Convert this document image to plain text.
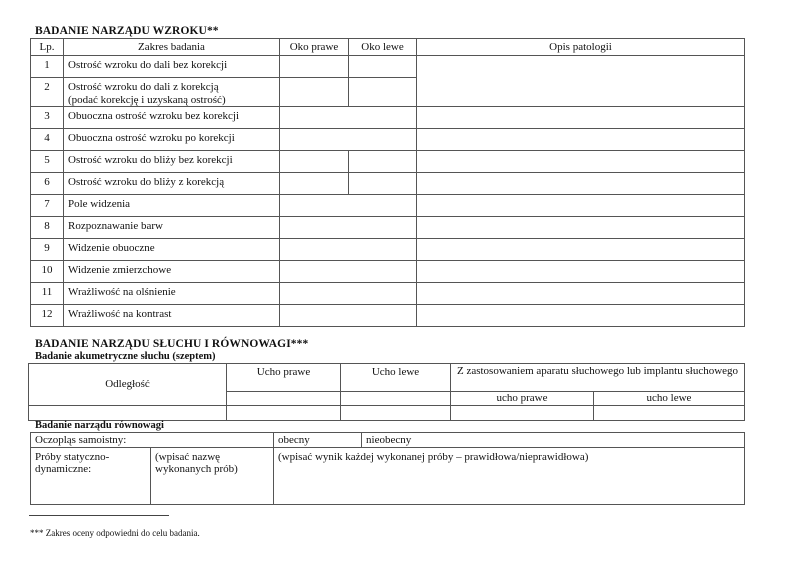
BADANIE NARZĄDU WZROKU**
Lp.	Zakres badania	Oko prawe	Oko lewe	Opis patologii
1	Ostrość wzroku do dali bez korekcji			
2	Ostrość wzroku do dali z korekcją
(podać korekcję i uzyskaną ostrość)			

3	Obuoczna ostrość wzroku bez korekcji			
4	Obuoczna ostrość wzroku po korekcji			
5	Ostrość wzroku do bliży bez korekcji			
6	Ostrość wzroku do bliży z korekcją			
7	Pole widzenia			
8	Rozpoznawanie barw			
9	Widzenie obuoczne			
10	Widzenie zmierzchowe			
11	Wrażliwość na olśnienie			
12	Wrażliwość na kontrast			
BADANIE NARZĄDU SŁUCHU I RÓWNOWAGI***
Badanie akumetryczne słuchu (szeptem)
Odległość	Ucho prawe	Ucho lewe	Z zastosowaniem aparatu słuchowego lub implantu słuchowego	
			ucho prawe	ucho lewe

Badanie narządu równowagi
Oczopląs samoistny:		obecny	nieobecny
Próby statyczno-dynamiczne:	(wpisać nazwę wykonanych prób)	(wpisać wynik każdej wykonanej próby – prawidłowa/nieprawidłowa)	
*** Zakres oceny odpowiedni do celu badania.
